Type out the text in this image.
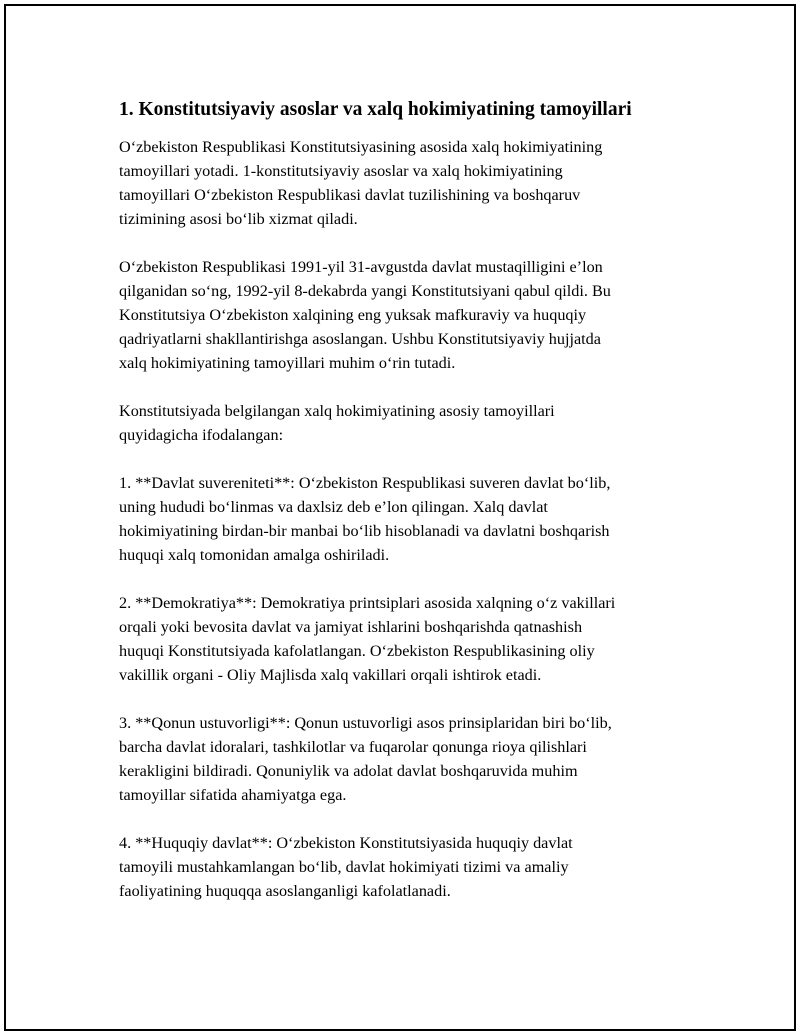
1. Konstitutsiyaviy asoslar va xalq hokimiyatining tamoyillari
O‘zbekiston Respublikasi Konstitutsiyasining asosida xalq hokimiyatining
tamoyillari yotadi. 1-konstitutsiyaviy asoslar va xalq hokimiyatining
tamoyillari O‘zbekiston Respublikasi davlat tuzilishining va boshqaruv
tizimining asosi bo‘lib xizmat qiladi.
O‘zbekiston Respublikasi 1991-yil 31-avgustda davlat mustaqilligini e’lon
qilganidan so‘ng, 1992-yil 8-dekabrda yangi Konstitutsiyani qabul qildi. Bu
Konstitutsiya O‘zbekiston xalqining eng yuksak mafkuraviy va huquqiy
qadriyatlarni shakllantirishga asoslangan. Ushbu Konstitutsiyaviy hujjatda
xalq hokimiyatining tamoyillari muhim o‘rin tutadi.
Konstitutsiyada belgilangan xalq hokimiyatining asosiy tamoyillari
quyidagicha ifodalangan:
1. **Davlat suvereniteti**: O‘zbekiston Respublikasi suveren davlat bo‘lib,
uning hududi bo‘linmas va daxlsiz deb e’lon qilingan. Xalq davlat
hokimiyatining birdan-bir manbai bo‘lib hisoblanadi va davlatni boshqarish
huquqi xalq tomonidan amalga oshiriladi.
2. **Demokratiya**: Demokratiya printsiplari asosida xalqning o‘z vakillari
orqali yoki bevosita davlat va jamiyat ishlarini boshqarishda qatnashish
huquqi Konstitutsiyada kafolatlangan. O‘zbekiston Respublikasining oliy
vakillik organi - Oliy Majlisda xalq vakillari orqali ishtirok etadi.
3. **Qonun ustuvorligi**: Qonun ustuvorligi asos prinsiplaridan biri bo‘lib,
barcha davlat idoralari, tashkilotlar va fuqarolar qonunga rioya qilishlari
kerakligini bildiradi. Qonuniylik va adolat davlat boshqaruvida muhim
tamoyillar sifatida ahamiyatga ega.
4. **Huquqiy davlat**: O‘zbekiston Konstitutsiyasida huquqiy davlat
tamoyili mustahkamlangan bo‘lib, davlat hokimiyati tizimi va amaliy
faoliyatining huquqqa asoslanganligi kafolatlanadi.
